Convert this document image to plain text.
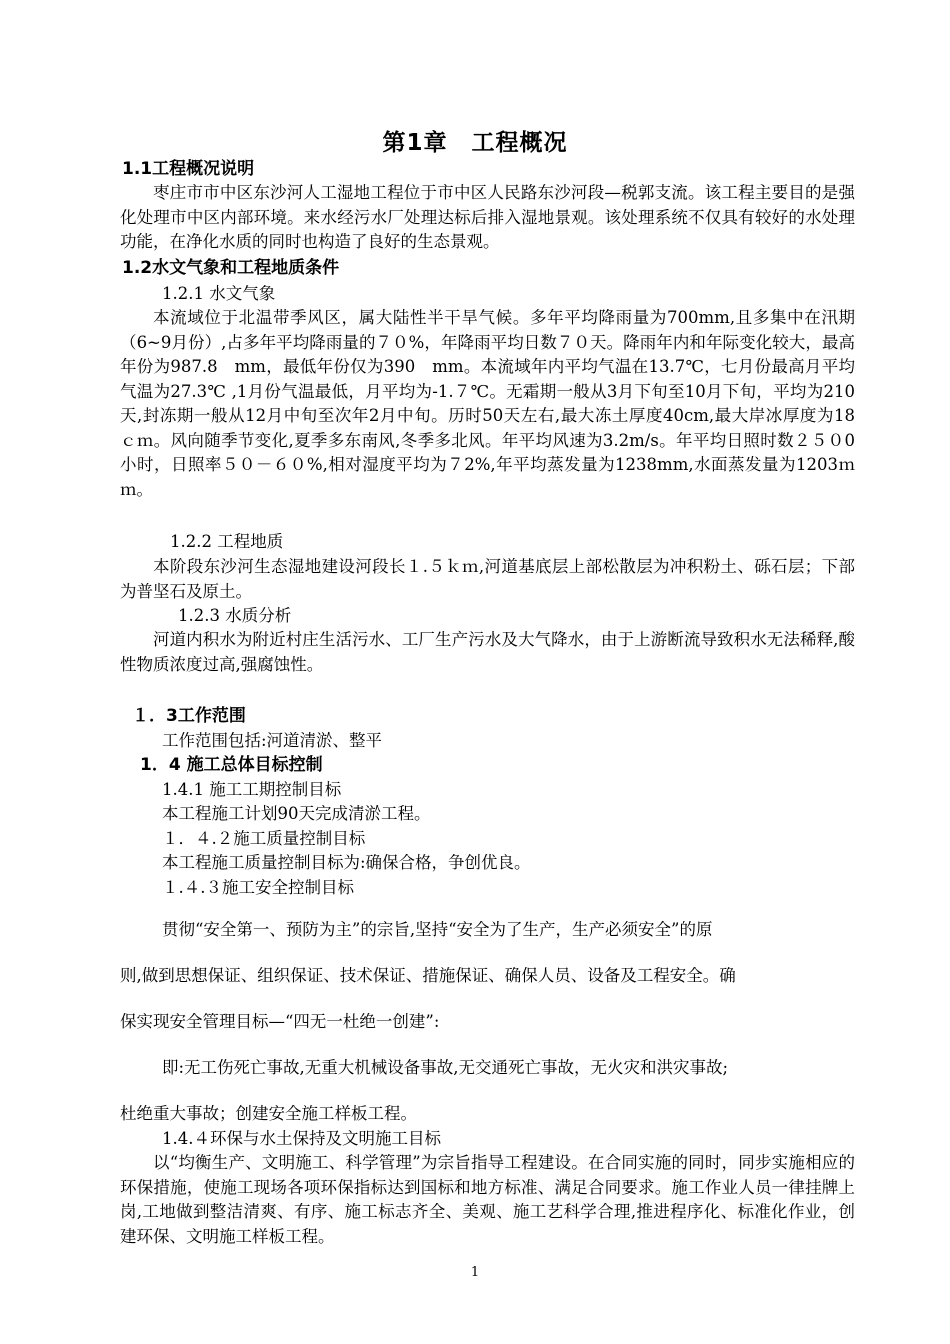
第1章　工程概况
1.1工程概况说明
枣庄市市中区东沙河人工湿地工程位于市中区人民路东沙河段—税郭支流。该工程主要目的是强化处理市中区内部环境。来水经污水厂处理达标后排入湿地景观。该处理系统不仅具有较好的水处理功能，在净化水质的同时也构造了良好的生态景观。
1.2水文气象和工程地质条件
1.2.1 水文气象
本流域位于北温带季风区，属大陆性半干旱气候。多年平均降雨量为700mm,且多集中在汛期（6~9月份）,占多年平均降雨量的７０%，年降雨平均日数７０天。降雨年内和年际变化较大，最高年份为987.8　mm，最低年份仅为390　mm。本流域年内平均气温在13.7℃，七月份最高月平均气温为27.3℃ ,1月份气温最低，月平均为-1.７℃。无霜期一般从3月下旬至10月下旬，平均为210天,封冻期一般从12月中旬至次年2月中旬。历时50天左右,最大冻土厚度40cm,最大岸冰厚度为18　ｃｍ。风向随季节变化,夏季多东南风,冬季多北风。年平均风速为3.2m/s。年平均日照时数２５０0小时，日照率５０－６０%,相对湿度平均为７2%,年平均蒸发量为1238mm,水面蒸发量为1203ｍｍ。
1.2.2 工程地质
本阶段东沙河生态湿地建设河段长１.５ｋｍ,河道基底层上部松散层为冲积粉土、砾石层；下部为普坚石及原土。
1.2.3 水质分析
河道内积水为附近村庄生活污水、工厂生产污水及大气降水，由于上游断流导致积水无法稀释,酸性物质浓度过高,强腐蚀性。
１．3工作范围
工作范围包括:河道清淤、整平
1．4 施工总体目标控制
1.4.1 施工工期控制目标
本工程施工计划90天完成清淤工程。
１．４.２施工质量控制目标
本工程施工质量控制目标为:确保合格，争创优良。
１.４.３施工安全控制目标
贯彻“安全第一、预防为主”的宗旨,坚持“安全为了生产，生产必须安全”的原
则,做到思想保证、组织保证、技术保证、措施保证、确保人员、设备及工程安全。确
保实现安全管理目标—“四无一杜绝一创建”:
即:无工伤死亡事故,无重大机械设备事故,无交通死亡事故，无火灾和洪灾事故;
杜绝重大事故；创建安全施工样板工程。
1.4.４环保与水土保持及文明施工目标
以“均衡生产、文明施工、科学管理”为宗旨指导工程建设。在合同实施的同时，同步实施相应的环保措施，使施工现场各项环保指标达到国标和地方标准、满足合同要求。施工作业人员一律挂牌上岗,工地做到整洁清爽、有序、施工标志齐全、美观、施工艺科学合理,推进程序化、标准化作业，创建环保、文明施工样板工程。
1
